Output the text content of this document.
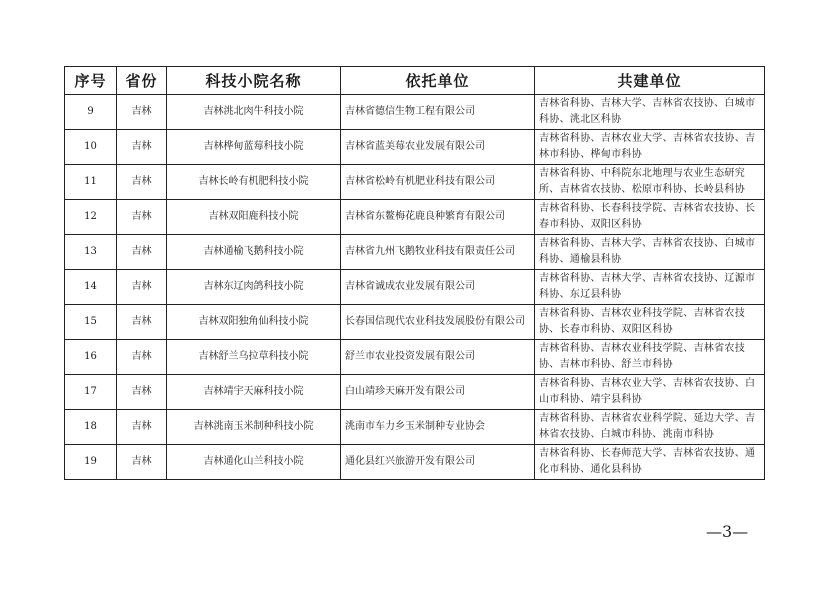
序号	省份	科技小院名称	依托单位	共建单位
9	吉林	吉林洮北肉牛科技小院	吉林省德信生物工程有限公司	吉林省科协、吉林大学、吉林省农技协、白城市科协、洮北区科协
10	吉林	吉林桦甸蓝莓科技小院	吉林省蓝美莓农业发展有限公司	吉林省科协、吉林农业大学、吉林省农技协、吉林市科协、桦甸市科协
11	吉林	吉林长岭有机肥科技小院	吉林省松岭有机肥业科技有限公司	吉林省科协、中科院东北地理与农业生态研究所、吉林省农技协、松原市科协、长岭县科协
12	吉林	吉林双阳鹿科技小院	吉林省东鳌梅花鹿良种繁育有限公司	吉林省科协、长春科技学院、吉林省农技协、长春市科协、双阳区科协
13	吉林	吉林通榆飞鹅科技小院	吉林省九州飞鹅牧业科技有限责任公司	吉林省科协、吉林大学、吉林省农技协、白城市科协、通榆县科协
14	吉林	吉林东辽肉鸽科技小院	吉林省诚成农业发展有限公司	吉林省科协、吉林大学、吉林省农技协、辽源市科协、东辽县科协
15	吉林	吉林双阳独角仙科技小院	长春国信现代农业科技发展股份有限公司	吉林省科协、吉林农业科技学院、吉林省农技协、长春市科协、双阳区科协
16	吉林	吉林舒兰乌拉草科技小院	舒兰市农业投资发展有限公司	吉林省科协、吉林农业科技学院、吉林省农技协、吉林市科协、舒兰市科协
17	吉林	吉林靖宇天麻科技小院	白山靖珍天麻开发有限公司	吉林省科协、吉林农业大学、吉林省农技协、白山市科协、靖宇县科协
18	吉林	吉林洮南玉米制种科技小院	洮南市车力乡玉米制种专业协会	吉林省科协、吉林省农业科学院、延边大学、吉林省农技协、白城市科协、洮南市科协
19	吉林	吉林通化山兰科技小院	通化县红兴旅游开发有限公司	吉林省科协、长春师范大学、吉林省农技协、通化市科协、通化县科协
—3—
